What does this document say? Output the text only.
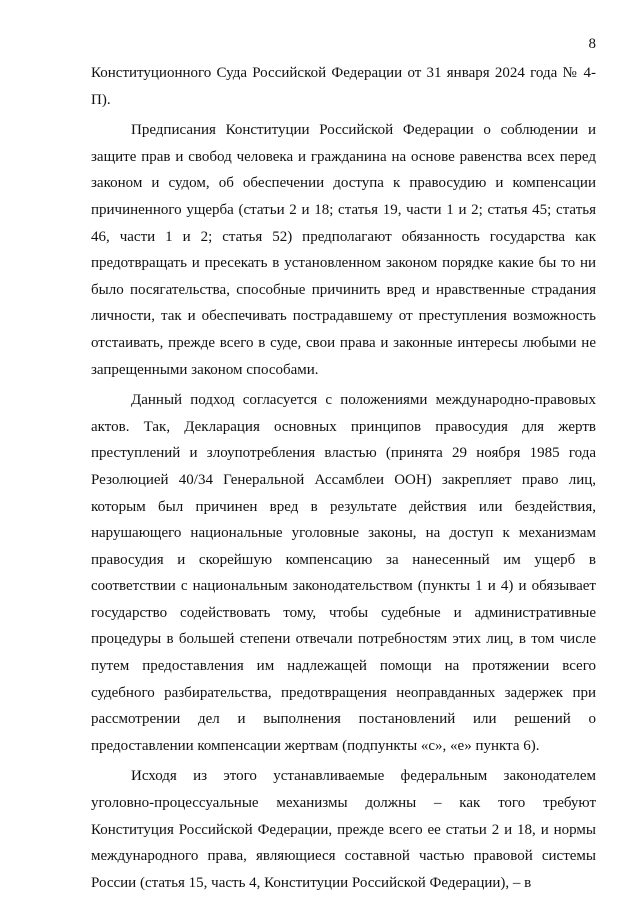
8

Конституционного Суда Российской Федерации от 31 января 2024 года № 4-П).

Предписания Конституции Российской Федерации о соблюдении и защите прав и свобод человека и гражданина на основе равенства всех перед законом и судом, об обеспечении доступа к правосудию и компенсации причиненного ущерба (статьи 2 и 18; статья 19, части 1 и 2; статья 45; статья 46, части 1 и 2; статья 52) предполагают обязанность государства как предотвращать и пресекать в установленном законом порядке какие бы то ни было посягательства, способные причинить вред и нравственные страдания личности, так и обеспечивать пострадавшему от преступления возможность отстаивать, прежде всего в суде, свои права и законные интересы любыми не запрещенными законом способами.

Данный подход согласуется с положениями международно-правовых актов. Так, Декларация основных принципов правосудия для жертв преступлений и злоупотребления властью (принята 29 ноября 1985 года Резолюцией 40/34 Генеральной Ассамблеи ООН) закрепляет право лиц, которым был причинен вред в результате действия или бездействия, нарушающего национальные уголовные законы, на доступ к механизмам правосудия и скорейшую компенсацию за нанесенный им ущерб в соответствии с национальным законодательством (пункты 1 и 4) и обязывает государство содействовать тому, чтобы судебные и административные процедуры в большей степени отвечали потребностям этих лиц, в том числе путем предоставления им надлежащей помощи на протяжении всего судебного разбирательства, предотвращения неоправданных задержек при рассмотрении дел и выполнения постановлений или решений о предоставлении компенсации жертвам (подпункты «с», «е» пункта 6).

Исходя из этого устанавливаемые федеральным законодателем уголовно-процессуальные механизмы должны – как того требуют Конституция Российской Федерации, прежде всего ее статьи 2 и 18, и нормы международного права, являющиеся составной частью правовой системы России (статья 15, часть 4, Конституции Российской Федерации), – в
